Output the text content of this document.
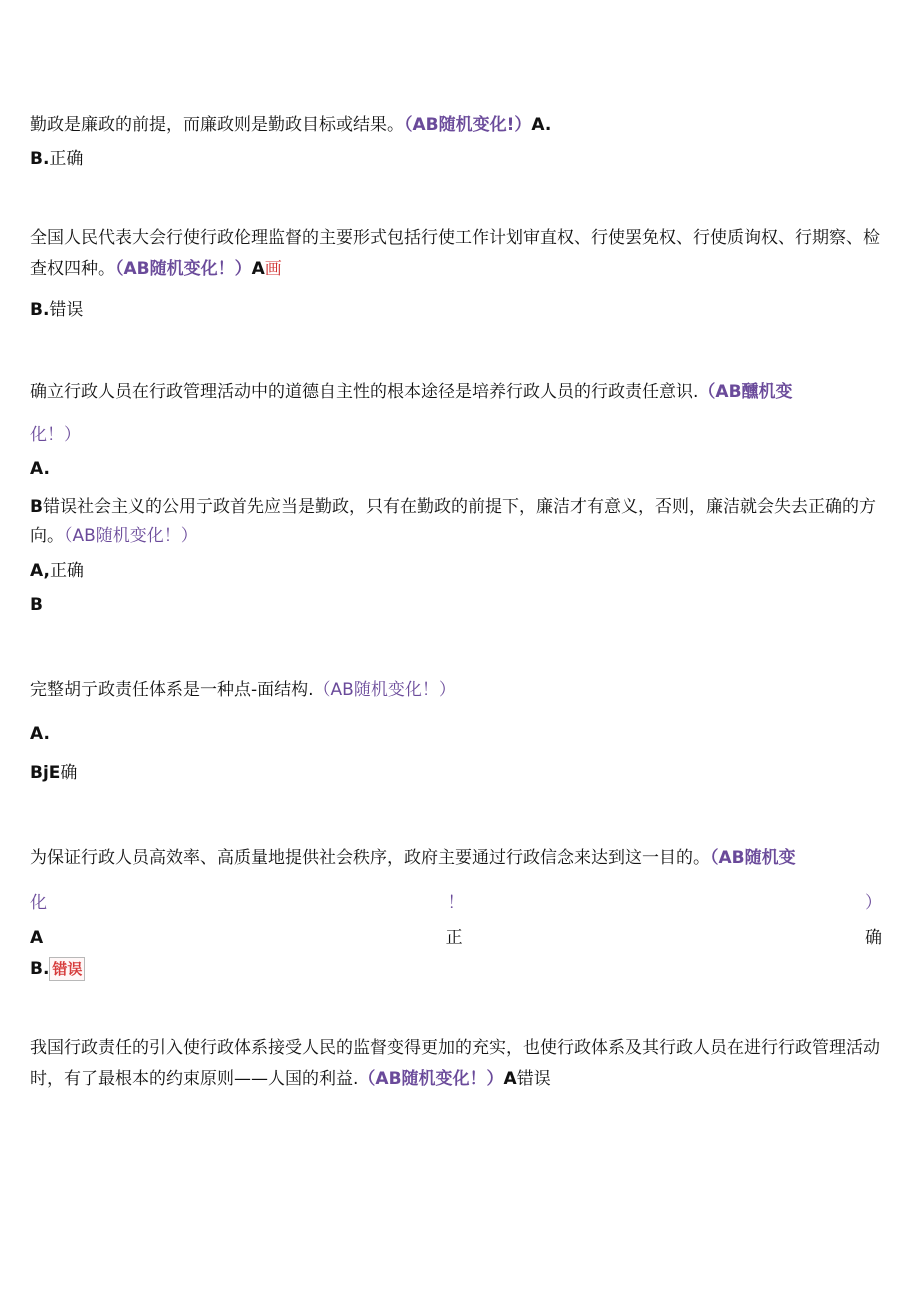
勤政是廉政的前提，而廉政则是勤政目标或结果。（AB随机变化!）A.
B.正确
全国人民代表大会行使行政伦理监督的主要形式包括行使工作计划审直权、行使罢免权、行使质询权、行期察、检
查权四种。（AB随机变化！）A画
B.错误
确立行政人员在行政管理活动中的道德自主性的根本途径是培养行政人员的行政责任意识.（AB醺机变
化！）
A.
B错误社会主义的公用亍政首先应当是勤政，只有在勤政的前提下，廉洁才有意义，否则，廉洁就会失去正确的方
向。（AB随机变化！）
A,正确
B
完整胡亍政责任体系是一种点-面结构.（AB随机变化！）
A.
BjE确
为保证行政人员高效率、高质量地提供社会秩序，政府主要通过行政信念来达到这一目的。（AB随机变
化	！	）
A	正	确
B. 错误
我国行政责任的引入使行政体系接受人民的监督变得更加的充实，也使行政体系及其行政人员在进行行政管理活动
时，有了最根本的约束原则——人国的利益.（AB随机变化！）A错误
